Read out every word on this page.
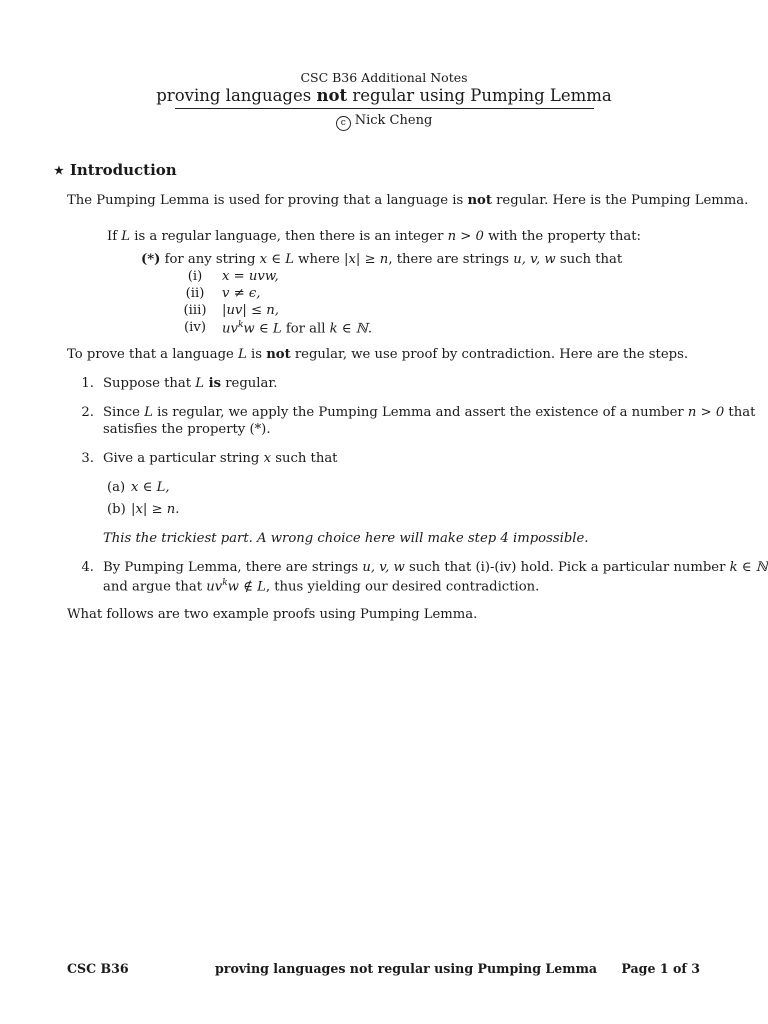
CSC B36 Additional Notes
proving languages not regular using Pumping Lemma
c Nick Cheng
★ Introduction
The Pumping Lemma is used for proving that a language is not regular. Here is the Pumping Lemma.
If L is a regular language, then there is an integer n > 0 with the property that:
(*) for any string x ∈ L where |x| ≥ n, there are strings u, v, w such that
(i)	x = uvw,
(ii)	v ≠ ϵ,
(iii) |uv| ≤ n,
(iv)	$uv^kw$ ∈ L for all k ∈ ℕ.
To prove that a language L is not regular, we use proof by contradiction. Here are the steps.
1. Suppose that L is regular.
2. Since L is regular, we apply the Pumping Lemma and assert the existence of a number n > 0 that
satisfies the property (*).
3. Give a particular string x such that
(a) x ∈ L,
(b) |x| ≥ n.
This the trickiest part. A wrong choice here will make step 4 impossible.
4. By Pumping Lemma, there are strings u, v, w such that (i)-(iv) hold. Pick a particular number k ∈ ℕ
and argue that $uv^kw$ ∉ L, thus yielding our desired contradiction.
What follows are two example proofs using Pumping Lemma.
CSC B36	proving languages not regular using Pumping Lemma Page 1 of 3
